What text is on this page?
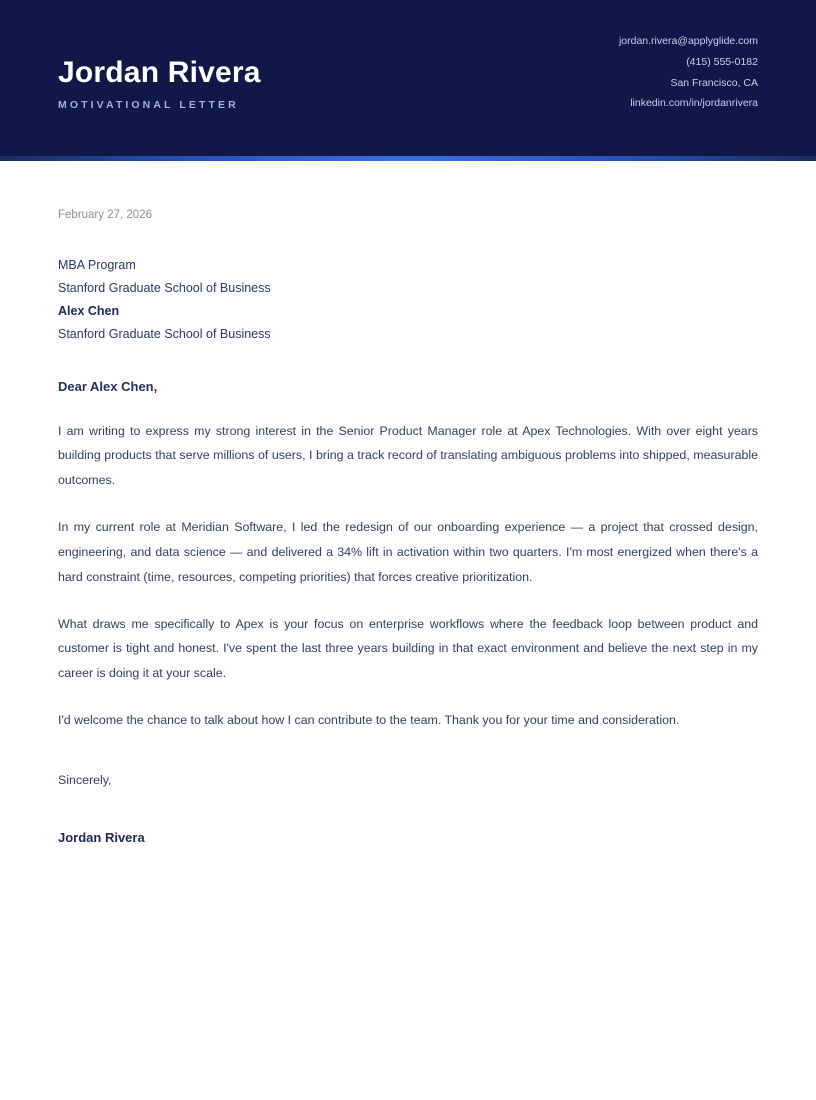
Jordan Rivera
MOTIVATIONAL LETTER
jordan.rivera@applyglide.com
(415) 555-0182
San Francisco, CA
linkedin.com/in/jordanrivera
February 27, 2026
MBA Program
Stanford Graduate School of Business
Alex Chen
Stanford Graduate School of Business
Dear Alex Chen,

I am writing to express my strong interest in the Senior Product Manager role at Apex Technologies. With over eight years building products that serve millions of users, I bring a track record of translating ambiguous problems into shipped, measurable outcomes.

In my current role at Meridian Software, I led the redesign of our onboarding experience — a project that crossed design, engineering, and data science — and delivered a 34% lift in activation within two quarters. I'm most energized when there's a hard constraint (time, resources, competing priorities) that forces creative prioritization.

What draws me specifically to Apex is your focus on enterprise workflows where the feedback loop between product and customer is tight and honest. I've spent the last three years building in that exact environment and believe the next step in my career is doing it at your scale.

I'd welcome the chance to talk about how I can contribute to the team. Thank you for your time and consideration.

Sincerely,
Jordan Rivera
